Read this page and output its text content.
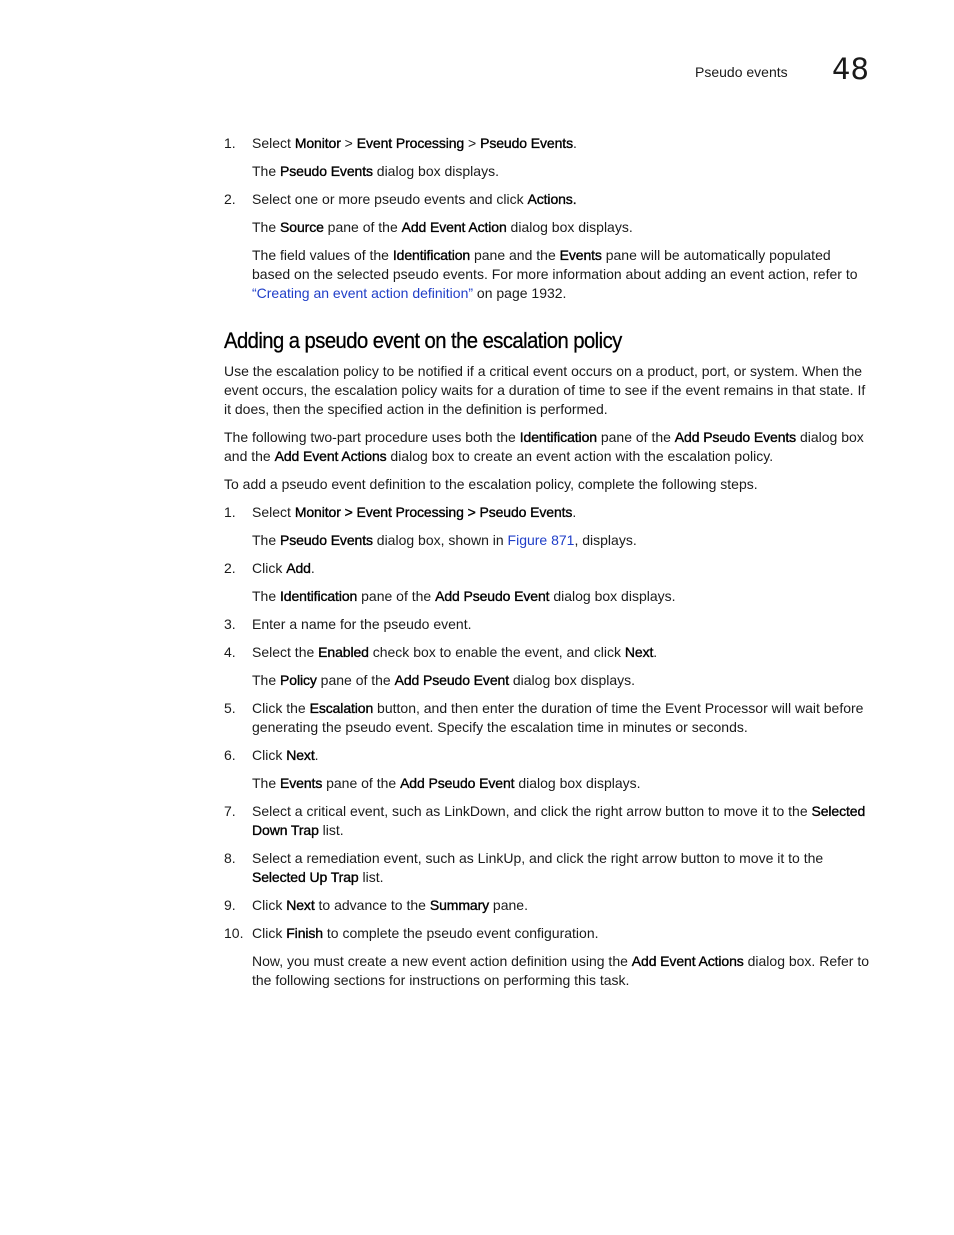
Pseudo events 48
1. Select Monitor > Event Processing > Pseudo Events.
The Pseudo Events dialog box displays.
2. Select one or more pseudo events and click Actions.
The Source pane of the Add Event Action dialog box displays.
The field values of the Identification pane and the Events pane will be automatically populated based on the selected pseudo events. For more information about adding an event action, refer to “Creating an event action definition” on page 1932.
Adding a pseudo event on the escalation policy

Use the escalation policy to be notified if a critical event occurs on a product, port, or system. When the event occurs, the escalation policy waits for a duration of time to see if the event remains in that state. If it does, then the specified action in the definition is performed.

The following two-part procedure uses both the Identification pane of the Add Pseudo Events dialog box and the Add Event Actions dialog box to create an event action with the escalation policy.

To add a pseudo event definition to the escalation policy, complete the following steps.

1. Select Monitor > Event Processing > Pseudo Events.
The Pseudo Events dialog box, shown in Figure 871, displays.
2. Click Add.
The Identification pane of the Add Pseudo Event dialog box displays.
3. Enter a name for the pseudo event.
4. Select the Enabled check box to enable the event, and click Next.
The Policy pane of the Add Pseudo Event dialog box displays.
5. Click the Escalation button, and then enter the duration of time the Event Processor will wait before generating the pseudo event. Specify the escalation time in minutes or seconds.
6. Click Next.
The Events pane of the Add Pseudo Event dialog box displays.
7. Select a critical event, such as LinkDown, and click the right arrow button to move it to the Selected Down Trap list.
8. Select a remediation event, such as LinkUp, and click the right arrow button to move it to the Selected Up Trap list.
9. Click Next to advance to the Summary pane.
10. Click Finish to complete the pseudo event configuration.
Now, you must create a new event action definition using the Add Event Actions dialog box. Refer to the following sections for instructions on performing this task.
